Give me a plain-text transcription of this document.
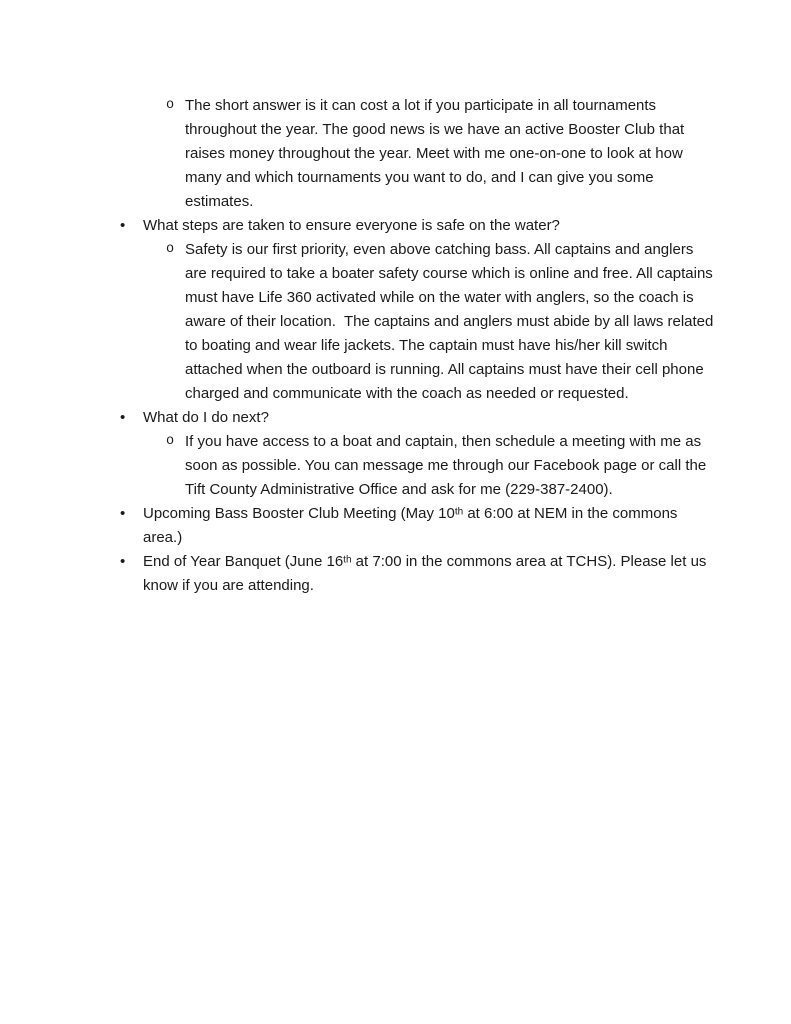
o The short answer is it can cost a lot if you participate in all tournaments throughout the year. The good news is we have an active Booster Club that raises money throughout the year. Meet with me one-on-one to look at how many and which tournaments you want to do, and I can give you some estimates.
•	What steps are taken to ensure everyone is safe on the water?
o Safety is our first priority, even above catching bass. All captains and anglers are required to take a boater safety course which is online and free. All captains must have Life 360 activated while on the water with anglers, so the coach is aware of their location.  The captains and anglers must abide by all laws related to boating and wear life jackets. The captain must have his/her kill switch attached when the outboard is running. All captains must have their cell phone charged and communicate with the coach as needed or requested.
•	What do I do next?
o If you have access to a boat and captain, then schedule a meeting with me as soon as possible. You can message me through our Facebook page or call the Tift County Administrative Office and ask for me (229-387-2400).
•	Upcoming Bass Booster Club Meeting (May 10th at 6:00 at NEM in the commons area.)
•	End of Year Banquet (June 16th at 7:00 in the commons area at TCHS). Please let us know if you are attending.
